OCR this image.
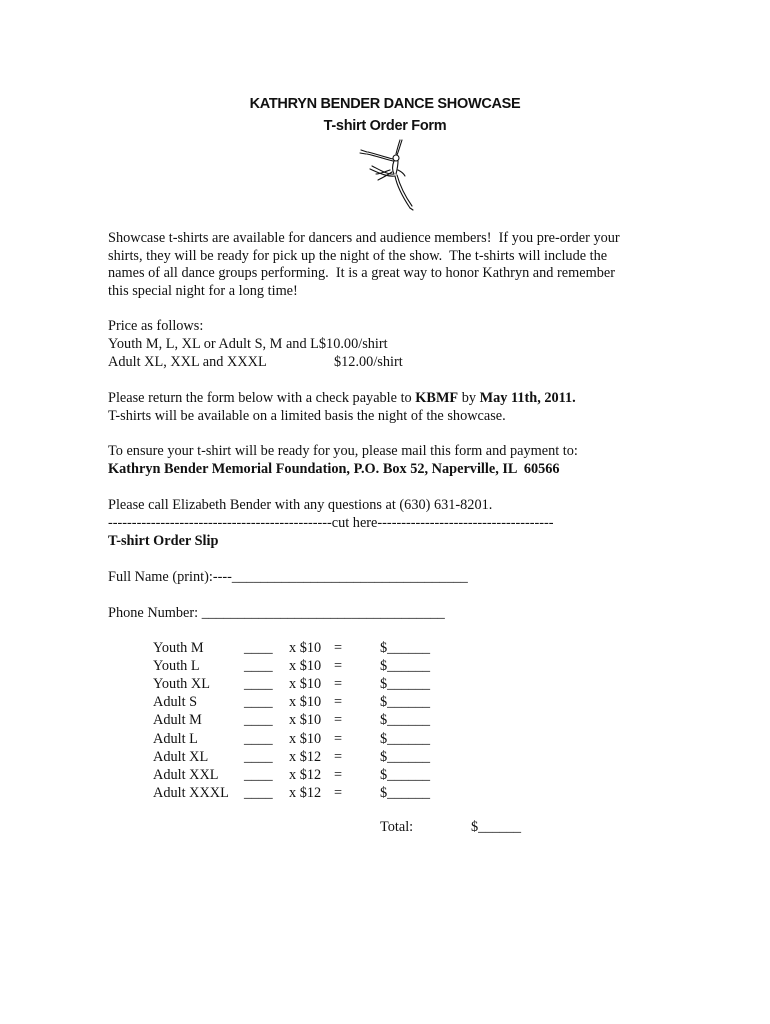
KATHRYN BENDER DANCE SHOWCASE
T-shirt Order Form
Showcase t-shirts are available for dancers and audience members!  If you pre-order your
shirts, they will be ready for pick up the night of the show.  The t-shirts will include the
names of all dance groups performing.  It is a great way to honor Kathryn and remember
this special night for a long time!
Price as follows:
Youth M, L, XL or Adult S, M and L$10.00/shirt
Adult XL, XXL and XXXL	$12.00/shirt
Please return the form below with a check payable to KBMF by May 11th, 2011.
T-shirts will be available on a limited basis the night of the showcase.
To ensure your t-shirt will be ready for you, please mail this form and payment to:
Kathryn Bender Memorial Foundation, P.O. Box 52, Naperville, IL  60566
Please call Elizabeth Bender with any questions at (630) 631-8201.
-----------------------------------------------cut here-------------------------------------
T-shirt Order Slip
Full Name (print):----_________________________________
Phone Number: __________________________________
Youth M	____ x $10 =	$______
Youth L	____ x $10 =	$______
Youth XL ____ x $10 =	$______
Adult S	____ x $10 =	$______
Adult M	____ x $10 =	$______
Adult L	____ x $10 =	$______
Adult XL	____ x $12 =	$______
Adult XXL ____ x $12 =	$______
Adult XXXL ____ x $12 =	$______
Total:	$______
